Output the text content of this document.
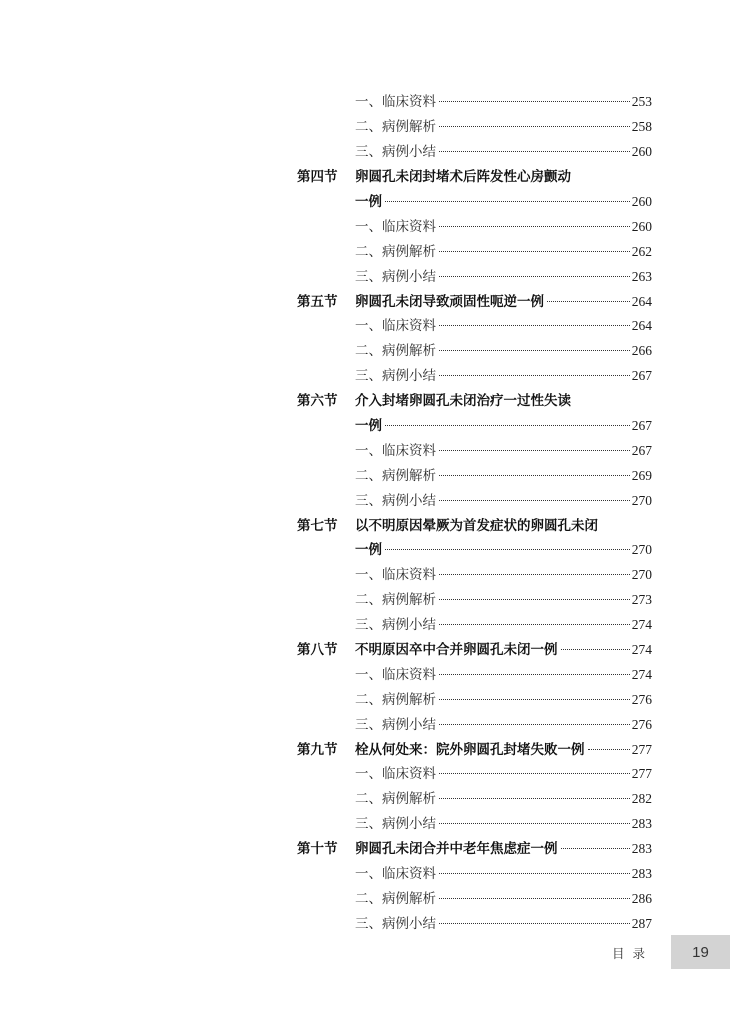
一、临床资料	253
二、病例解析	258
三、病例小结	260
第四节 卵圆孔未闭封堵术后阵发性心房颤动
一例	260
一、临床资料	260
二、病例解析	262
三、病例小结	263
第五节 卵圆孔未闭导致顽固性呃逆一例	264
一、临床资料	264
二、病例解析	266
三、病例小结	267
第六节 介入封堵卵圆孔未闭治疗一过性失读
一例	267
一、临床资料	267
二、病例解析	269
三、病例小结	270
第七节 以不明原因晕厥为首发症状的卵圆孔未闭
一例	270
一、临床资料	270
二、病例解析	273
三、病例小结	274
第八节 不明原因卒中合并卵圆孔未闭一例	274
一、临床资料	274
二、病例解析	276
三、病例小结	276
第九节 栓从何处来：院外卵圆孔封堵失败一例	277
一、临床资料	277
二、病例解析	282
三、病例小结	283
第十节 卵圆孔未闭合并中老年焦虑症一例	283
一、临床资料	283
二、病例解析	286
三、病例小结	287
目录	19
